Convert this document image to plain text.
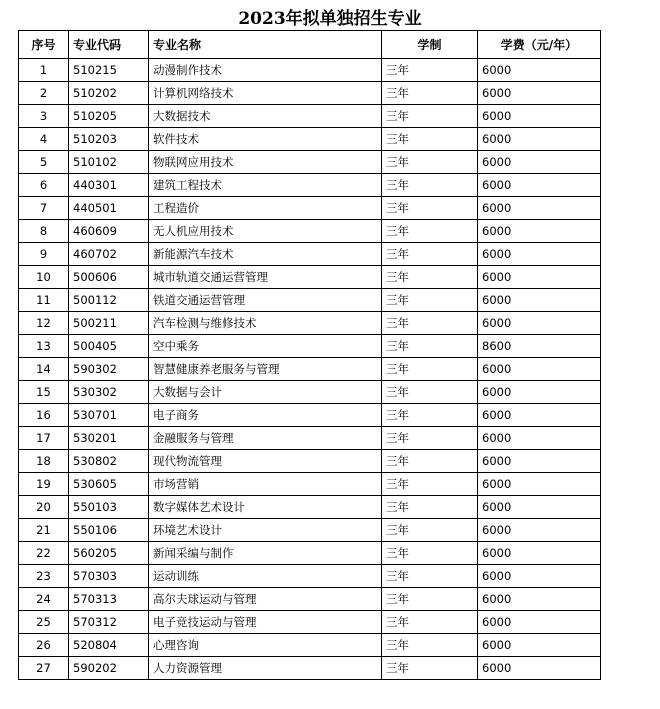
2023年拟单独招生专业
序号	专业代码	专业名称	学制	学费（元/年）
1	510215	动漫制作技术	三年	6000
2	510202	计算机网络技术	三年	6000
3	510205	大数据技术	三年	6000
4	510203	软件技术	三年	6000
5	510102	物联网应用技术	三年	6000
6	440301	建筑工程技术	三年	6000
7	440501	工程造价	三年	6000
8	460609	无人机应用技术	三年	6000
9	460702	新能源汽车技术	三年	6000
10	500606	城市轨道交通运营管理	三年	6000
11	500112	铁道交通运营管理	三年	6000
12	500211	汽车检测与维修技术	三年	6000
13	500405	空中乘务	三年	8600
14	590302	智慧健康养老服务与管理	三年	6000
15	530302	大数据与会计	三年	6000
16	530701	电子商务	三年	6000
17	530201	金融服务与管理	三年	6000
18	530802	现代物流管理	三年	6000
19	530605	市场营销	三年	6000
20	550103	数字媒体艺术设计	三年	6000
21	550106	环境艺术设计	三年	6000
22	560205	新闻采编与制作	三年	6000
23	570303	运动训练	三年	6000
24	570313	高尔夫球运动与管理	三年	6000
25	570312	电子竞技运动与管理	三年	6000
26	520804	心理咨询	三年	6000
27	590202	人力资源管理	三年	6000
